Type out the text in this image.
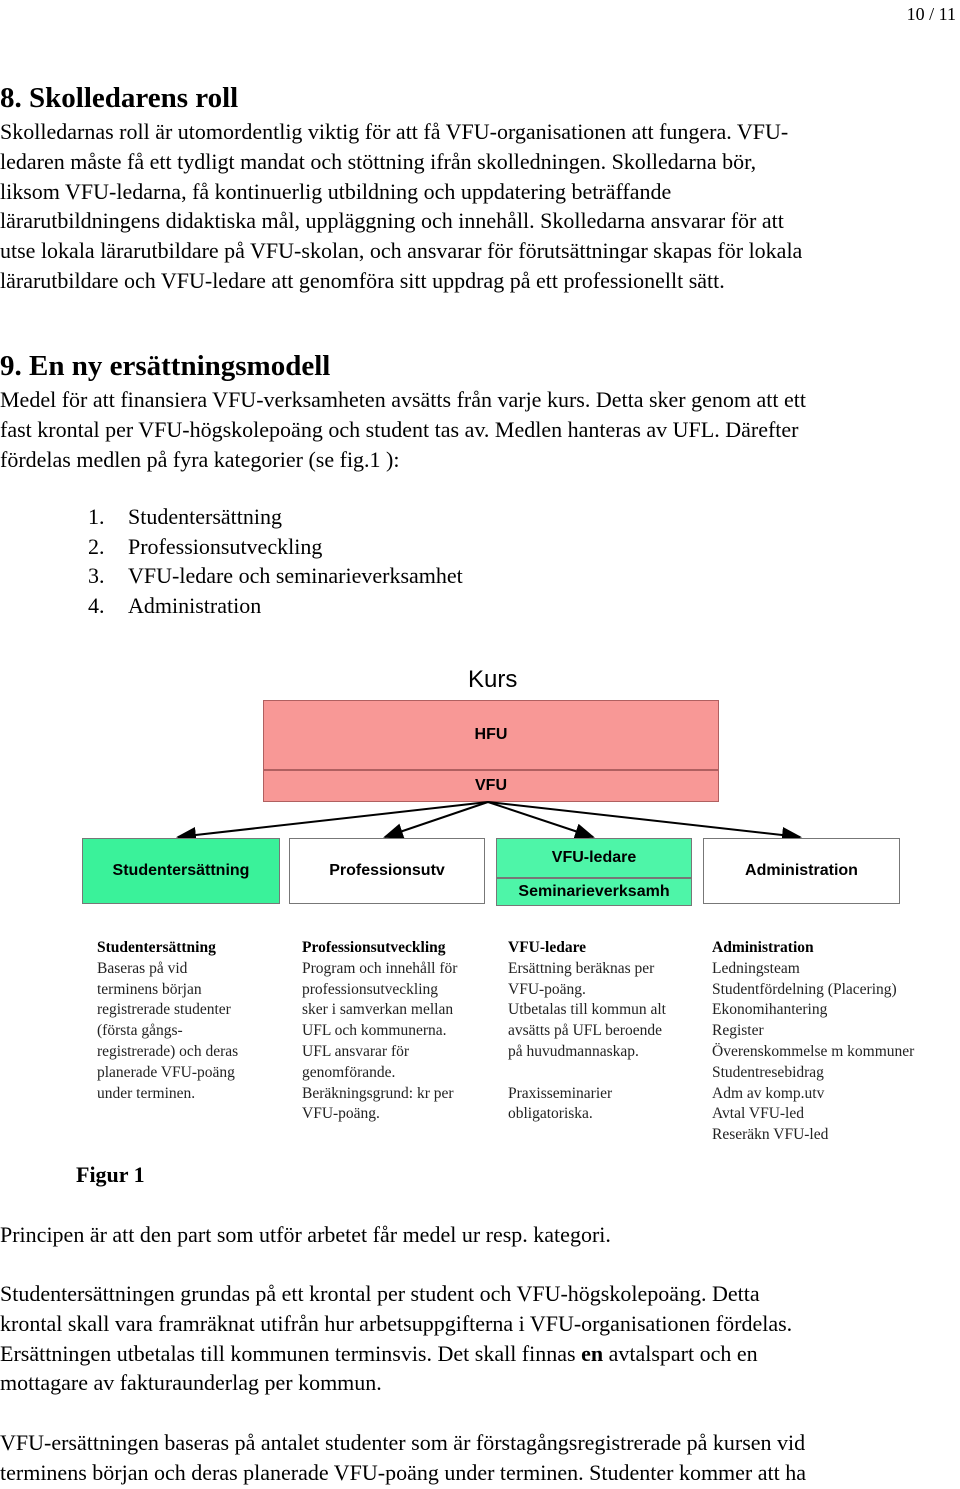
10 / 11
8. Skolledarens roll
Skolledarnas roll är utomordentlig viktig för att få VFU-organisationen att fungera. VFU-
ledaren måste få ett tydligt mandat och stöttning ifrån skolledningen. Skolledarna bör,
liksom VFU-ledarna, få kontinuerlig utbildning och uppdatering beträffande
lärarutbildningens didaktiska mål, uppläggning och innehåll. Skolledarna ansvarar för att
utse lokala lärarutbildare på VFU-skolan, och ansvarar för förutsättningar skapas för lokala
lärarutbildare och VFU-ledare att genomföra sitt uppdrag på ett professionellt sätt.
9. En ny ersättningsmodell
Medel för att finansiera VFU-verksamheten avsätts från varje kurs. Detta sker genom att ett
fast krontal per VFU-högskolepoäng och student tas av. Medlen hanteras av UFL. Därefter
fördelas medlen på fyra kategorier (se fig.1 ):
1. Studentersättning
2. Professionsutveckling
3. VFU-ledare och seminarieverksamhet
4. Administration
Kurs
HFU
VFU
Studentersättning	Professionsutv
VFU-ledare
Seminarieverksamh
Administration
Studentersättning
Baseras på vid
terminens början
registrerade studenter
(första gångs-
registrerade) och deras
planerade VFU-poäng
under terminen.
Professionsutveckling
Program och innehåll för
professionsutveckling
sker i samverkan mellan
UFL och kommunerna.
UFL ansvarar för
genomförande.
Beräkningsgrund: kr per
VFU-poäng.
VFU-ledare
Ersättning beräknas per
VFU-poäng.
Utbetalas till kommun alt
avsätts på UFL beroende
på huvudmannaskap.
Praxisseminarier
obligatoriska.
Administration
Ledningsteam
Studentfördelning (Placering)
Ekonomihantering
Register
Överenskommelse m kommuner
Studentresebidrag
Adm av komp.utv
Avtal VFU-led
Reseräkn VFU-led
Figur 1
Principen är att den part som utför arbetet får medel ur resp. kategori.
Studentersättningen grundas på ett krontal per student och VFU-högskolepoäng. Detta
krontal skall vara framräknat utifrån hur arbetsuppgifterna i VFU-organisationen fördelas.
Ersättningen utbetalas till kommunen terminsvis. Det skall finnas en avtalspart och en
mottagare av fakturaunderlag per kommun.
VFU-ersättningen baseras på antalet studenter som är förstagångsregistrerade på kursen vid
terminens början och deras planerade VFU-poäng under terminen. Studenter kommer att ha
